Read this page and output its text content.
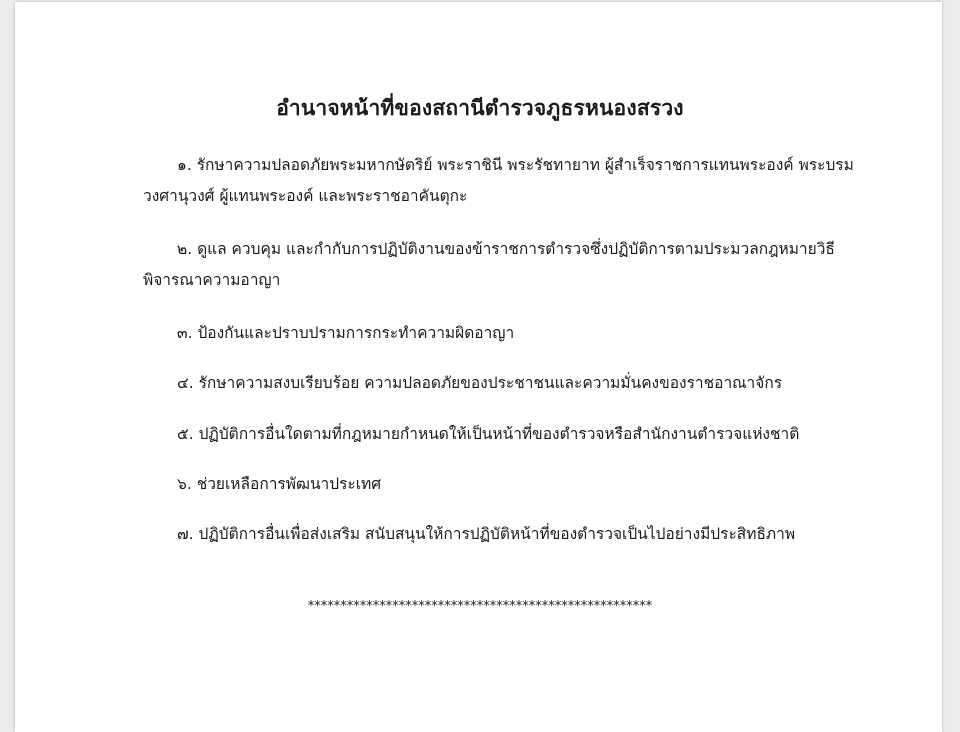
อำนาจหน้าที่ของสถานีตำรวจภูธรหนองสรวง
๑. รักษาความปลอดภัยพระมหากษัตริย์ พระราชินี พระรัชทายาท ผู้สำเร็จราชการแทนพระองค์ พระบรมวงศานุวงศ์ ผู้แทนพระองค์ และพระราชอาคันตุกะ
๒. ดูแล ควบคุม และกำกับการปฏิบัติงานของข้าราชการตำรวจซึ่งปฏิบัติการตามประมวลกฎหมายวิธีพิจารณาความอาญา
๓. ป้องกันและปราบปรามการกระทำความผิดอาญา
๔. รักษาความสงบเรียบร้อย ความปลอดภัยของประชาชนและความมั่นคงของราชอาณาจักร
๕. ปฏิบัติการอื่นใดตามที่กฎหมายกำหนดให้เป็นหน้าที่ของตำรวจหรือสำนักงานตำรวจแห่งชาติ
๖. ช่วยเหลือการพัฒนาประเทศ
๗. ปฏิบัติการอื่นเพื่อส่งเสริม สนับสนุนให้การปฏิบัติหน้าที่ของตำรวจเป็นไปอย่างมีประสิทธิภาพ
*****************************************************
